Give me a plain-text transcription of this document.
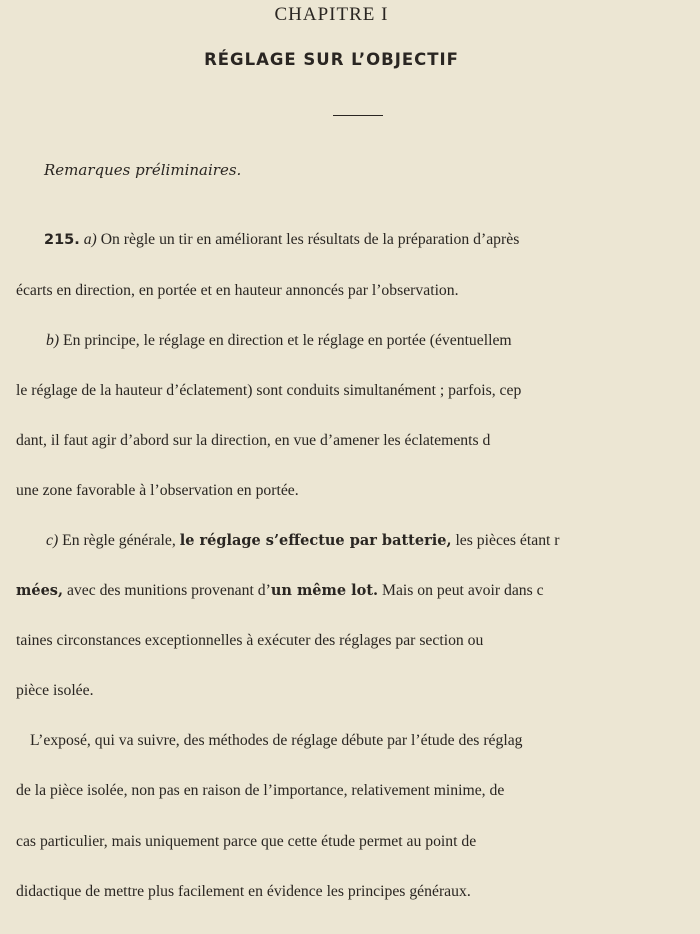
CHAPITRE I
RÉGLAGE SUR L’OBJECTIF
Remarques préliminaires.

215. a) On règle un tir en améliorant les résultats de la préparation d’après

écarts en direction, en portée et en hauteur annoncés par l’observation.

b) En principe, le réglage en direction et le réglage en portée (éventuellem

le réglage de la hauteur d’éclatement) sont conduits simultanément ; parfois, cep

dant, il faut agir d’abord sur la direction, en vue d’amener les éclatements d

une zone favorable à l’observation en portée.

c) En règle générale, le réglage s’effectue par batterie, les pièces étant r

mées, avec des munitions provenant d’un même lot. Mais on peut avoir dans c

taines circonstances exceptionnelles à exécuter des réglages par section ou

pièce isolée.

L’exposé, qui va suivre, des méthodes de réglage débute par l’étude des réglag

de la pièce isolée, non pas en raison de l’importance, relativement minime, de

cas particulier, mais uniquement parce que cette étude permet au point de

didactique de mettre plus facilement en évidence les principes généraux.
